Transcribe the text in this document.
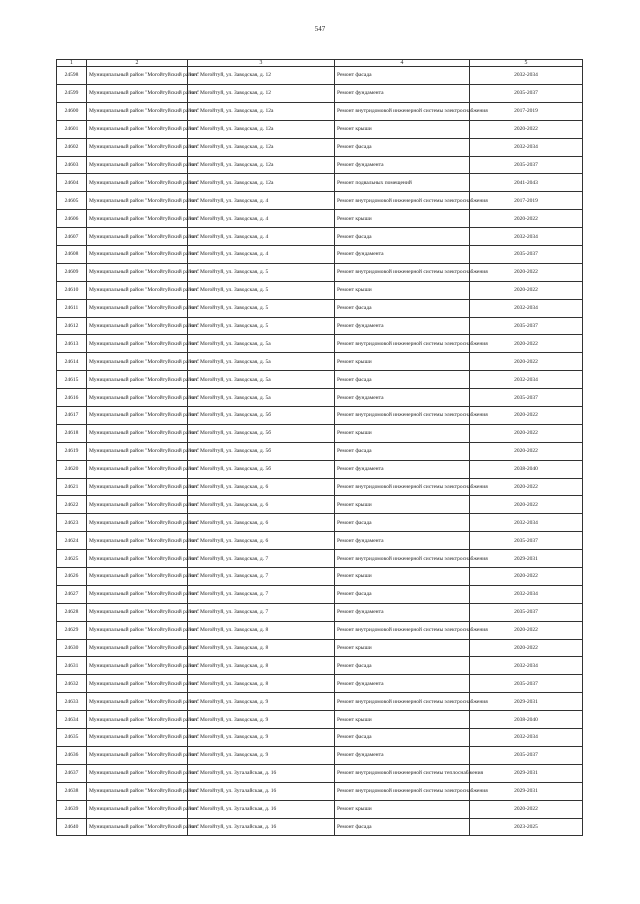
547
1	2	3	4	5
24598	Муниципальный район "Могойтуйский район"	пгт. Могойтуй, ул. Заводская, д. 12	Ремонт фасада	2032-2034
24599	Муниципальный район "Могойтуйский район"	пгт. Могойтуй, ул. Заводская, д. 12	Ремонт фундамента	2035-2037
24600	Муниципальный район "Могойтуйский район"	пгт. Могойтуй, ул. Заводская, д. 12а	Ремонт внутридомовой инженерной системы электроснабжения	2017-2019
24601	Муниципальный район "Могойтуйский район"	пгт. Могойтуй, ул. Заводская, д. 12а	Ремонт крыши	2020-2022
24602	Муниципальный район "Могойтуйский район"	пгт. Могойтуй, ул. Заводская, д. 12а	Ремонт фасада	2032-2034
24603	Муниципальный район "Могойтуйский район"	пгт. Могойтуй, ул. Заводская, д. 12а	Ремонт фундамента	2035-2037
24604	Муниципальный район "Могойтуйский район"	пгт. Могойтуй, ул. Заводская, д. 12а	Ремонт подвальных помещений	2041-2043
24605	Муниципальный район "Могойтуйский район"	пгт. Могойтуй, ул. Заводская, д. 4	Ремонт внутридомовой инженерной системы электроснабжения	2017-2019
24606	Муниципальный район "Могойтуйский район"	пгт. Могойтуй, ул. Заводская, д. 4	Ремонт крыши	2020-2022
24607	Муниципальный район "Могойтуйский район"	пгт. Могойтуй, ул. Заводская, д. 4	Ремонт фасада	2032-2034
24608	Муниципальный район "Могойтуйский район"	пгт. Могойтуй, ул. Заводская, д. 4	Ремонт фундамента	2035-2037
24609	Муниципальный район "Могойтуйский район"	пгт. Могойтуй, ул. Заводская, д. 5	Ремонт внутридомовой инженерной системы электроснабжения	2020-2022
24610	Муниципальный район "Могойтуйский район"	пгт. Могойтуй, ул. Заводская, д. 5	Ремонт крыши	2020-2022
24611	Муниципальный район "Могойтуйский район"	пгт. Могойтуй, ул. Заводская, д. 5	Ремонт фасада	2032-2034
24612	Муниципальный район "Могойтуйский район"	пгт. Могойтуй, ул. Заводская, д. 5	Ремонт фундамента	2035-2037
24613	Муниципальный район "Могойтуйский район"	пгт. Могойтуй, ул. Заводская, д. 5а	Ремонт внутридомовой инженерной системы электроснабжения	2020-2022
24614	Муниципальный район "Могойтуйский район"	пгт. Могойтуй, ул. Заводская, д. 5а	Ремонт крыши	2020-2022
24615	Муниципальный район "Могойтуйский район"	пгт. Могойтуй, ул. Заводская, д. 5а	Ремонт фасада	2032-2034
24616	Муниципальный район "Могойтуйский район"	пгт. Могойтуй, ул. Заводская, д. 5а	Ремонт фундамента	2035-2037
24617	Муниципальный район "Могойтуйский район"	пгт. Могойтуй, ул. Заводская, д. 5б	Ремонт внутридомовой инженерной системы электроснабжения	2020-2022
24618	Муниципальный район "Могойтуйский район"	пгт. Могойтуй, ул. Заводская, д. 5б	Ремонт крыши	2020-2022
24619	Муниципальный район "Могойтуйский район"	пгт. Могойтуй, ул. Заводская, д. 5б	Ремонт фасада	2020-2022
24620	Муниципальный район "Могойтуйский район"	пгт. Могойтуй, ул. Заводская, д. 5б	Ремонт фундамента	2038-2040
24621	Муниципальный район "Могойтуйский район"	пгт. Могойтуй, ул. Заводская, д. 6	Ремонт внутридомовой инженерной системы электроснабжения	2020-2022
24622	Муниципальный район "Могойтуйский район"	пгт. Могойтуй, ул. Заводская, д. 6	Ремонт крыши	2020-2022
24623	Муниципальный район "Могойтуйский район"	пгт. Могойтуй, ул. Заводская, д. 6	Ремонт фасада	2032-2034
24624	Муниципальный район "Могойтуйский район"	пгт. Могойтуй, ул. Заводская, д. 6	Ремонт фундамента	2035-2037
24625	Муниципальный район "Могойтуйский район"	пгт. Могойтуй, ул. Заводская, д. 7	Ремонт внутридомовой инженерной системы электроснабжения	2029-2031
24626	Муниципальный район "Могойтуйский район"	пгт. Могойтуй, ул. Заводская, д. 7	Ремонт крыши	2020-2022
24627	Муниципальный район "Могойтуйский район"	пгт. Могойтуй, ул. Заводская, д. 7	Ремонт фасада	2032-2034
24628	Муниципальный район "Могойтуйский район"	пгт. Могойтуй, ул. Заводская, д. 7	Ремонт фундамента	2035-2037
24629	Муниципальный район "Могойтуйский район"	пгт. Могойтуй, ул. Заводская, д. 8	Ремонт внутридомовой инженерной системы электроснабжения	2020-2022
24630	Муниципальный район "Могойтуйский район"	пгт. Могойтуй, ул. Заводская, д. 8	Ремонт крыши	2020-2022
24631	Муниципальный район "Могойтуйский район"	пгт. Могойтуй, ул. Заводская, д. 8	Ремонт фасада	2032-2034
24632	Муниципальный район "Могойтуйский район"	пгт. Могойтуй, ул. Заводская, д. 8	Ремонт фундамента	2035-2037
24633	Муниципальный район "Могойтуйский район"	пгт. Могойтуй, ул. Заводская, д. 9	Ремонт внутридомовой инженерной системы электроснабжения	2029-2031
24634	Муниципальный район "Могойтуйский район"	пгт. Могойтуй, ул. Заводская, д. 9	Ремонт крыши	2038-2040
24635	Муниципальный район "Могойтуйский район"	пгт. Могойтуй, ул. Заводская, д. 9	Ремонт фасада	2032-2034
24636	Муниципальный район "Могойтуйский район"	пгт. Могойтуй, ул. Заводская, д. 9	Ремонт фундамента	2035-2037
24637	Муниципальный район "Могойтуйский район"	пгт. Могойтуй, ул. Зугалайская, д. 16	Ремонт внутридомовой инженерной системы теплоснабжения	2029-2031
24638	Муниципальный район "Могойтуйский район"	пгт. Могойтуй, ул. Зугалайская, д. 16	Ремонт внутридомовой инженерной системы электроснабжения	2029-2031
24639	Муниципальный район "Могойтуйский район"	пгт. Могойтуй, ул. Зугалайская, д. 16	Ремонт крыши	2020-2022
24640	Муниципальный район "Могойтуйский район"	пгт. Могойтуй, ул. Зугалайская, д. 16	Ремонт фасада	2023-2025
